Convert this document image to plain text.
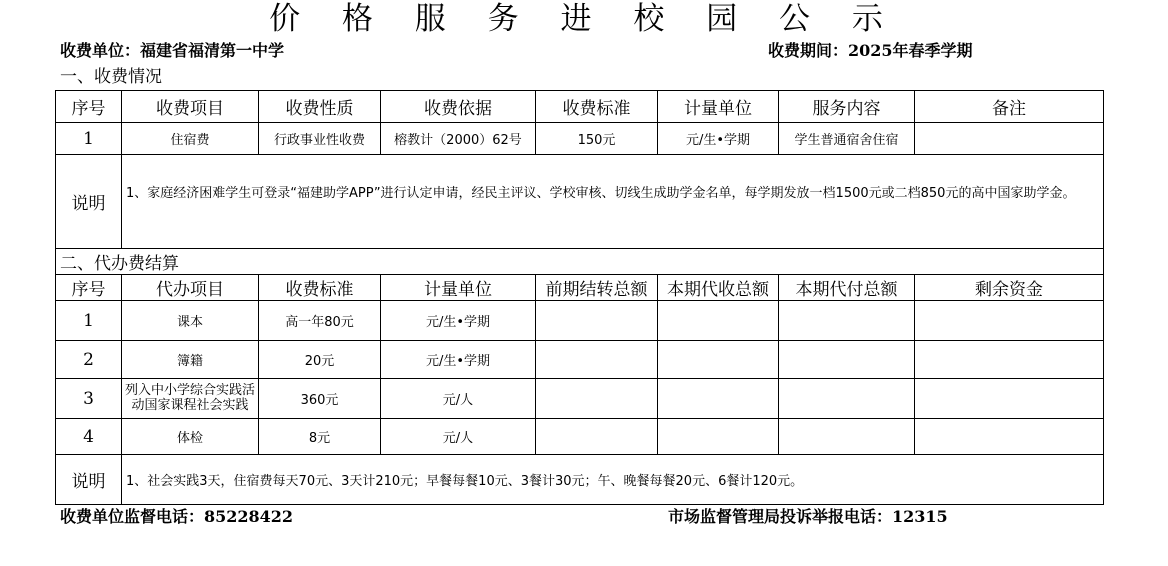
价 格 服 务 进 校 园 公 示
收费单位：福建省福清第一中学	收费期间：2025年春季学期
一、收费情况
序号	收费项目	收费性质	收费依据	收费标准	计量单位	服务内容	备注
1	住宿费	行政事业性收费	榕教计（2000）62号	150元	元/生•学期	学生普通宿舍住宿	
说明	1、家庭经济困难学生可登录“福建助学APP”进行认定申请，经民主评议、学校审核、切线生成助学金名单，每学期发放一档1500元或二档850元的高中国家助学金。						
二、代办费结算							
序号	代办项目	收费标准	计量单位	前期结转总额	本期代收总额	本期代付总额	剩余资金
1	课本	高一年80元	元/生•学期				
2	簿籍	20元	元/生•学期				
3	列入中小学综合实践活动国家课程社会实践	360元	元/人				
4	体检	8元	元/人				
说明	1、社会实践3天，住宿费每天70元、3天计210元；早餐每餐10元、3餐计30元；午、晚餐每餐20元、6餐计120元。						
收费单位监督电话：85228422	市场监督管理局投诉举报电话：12315
